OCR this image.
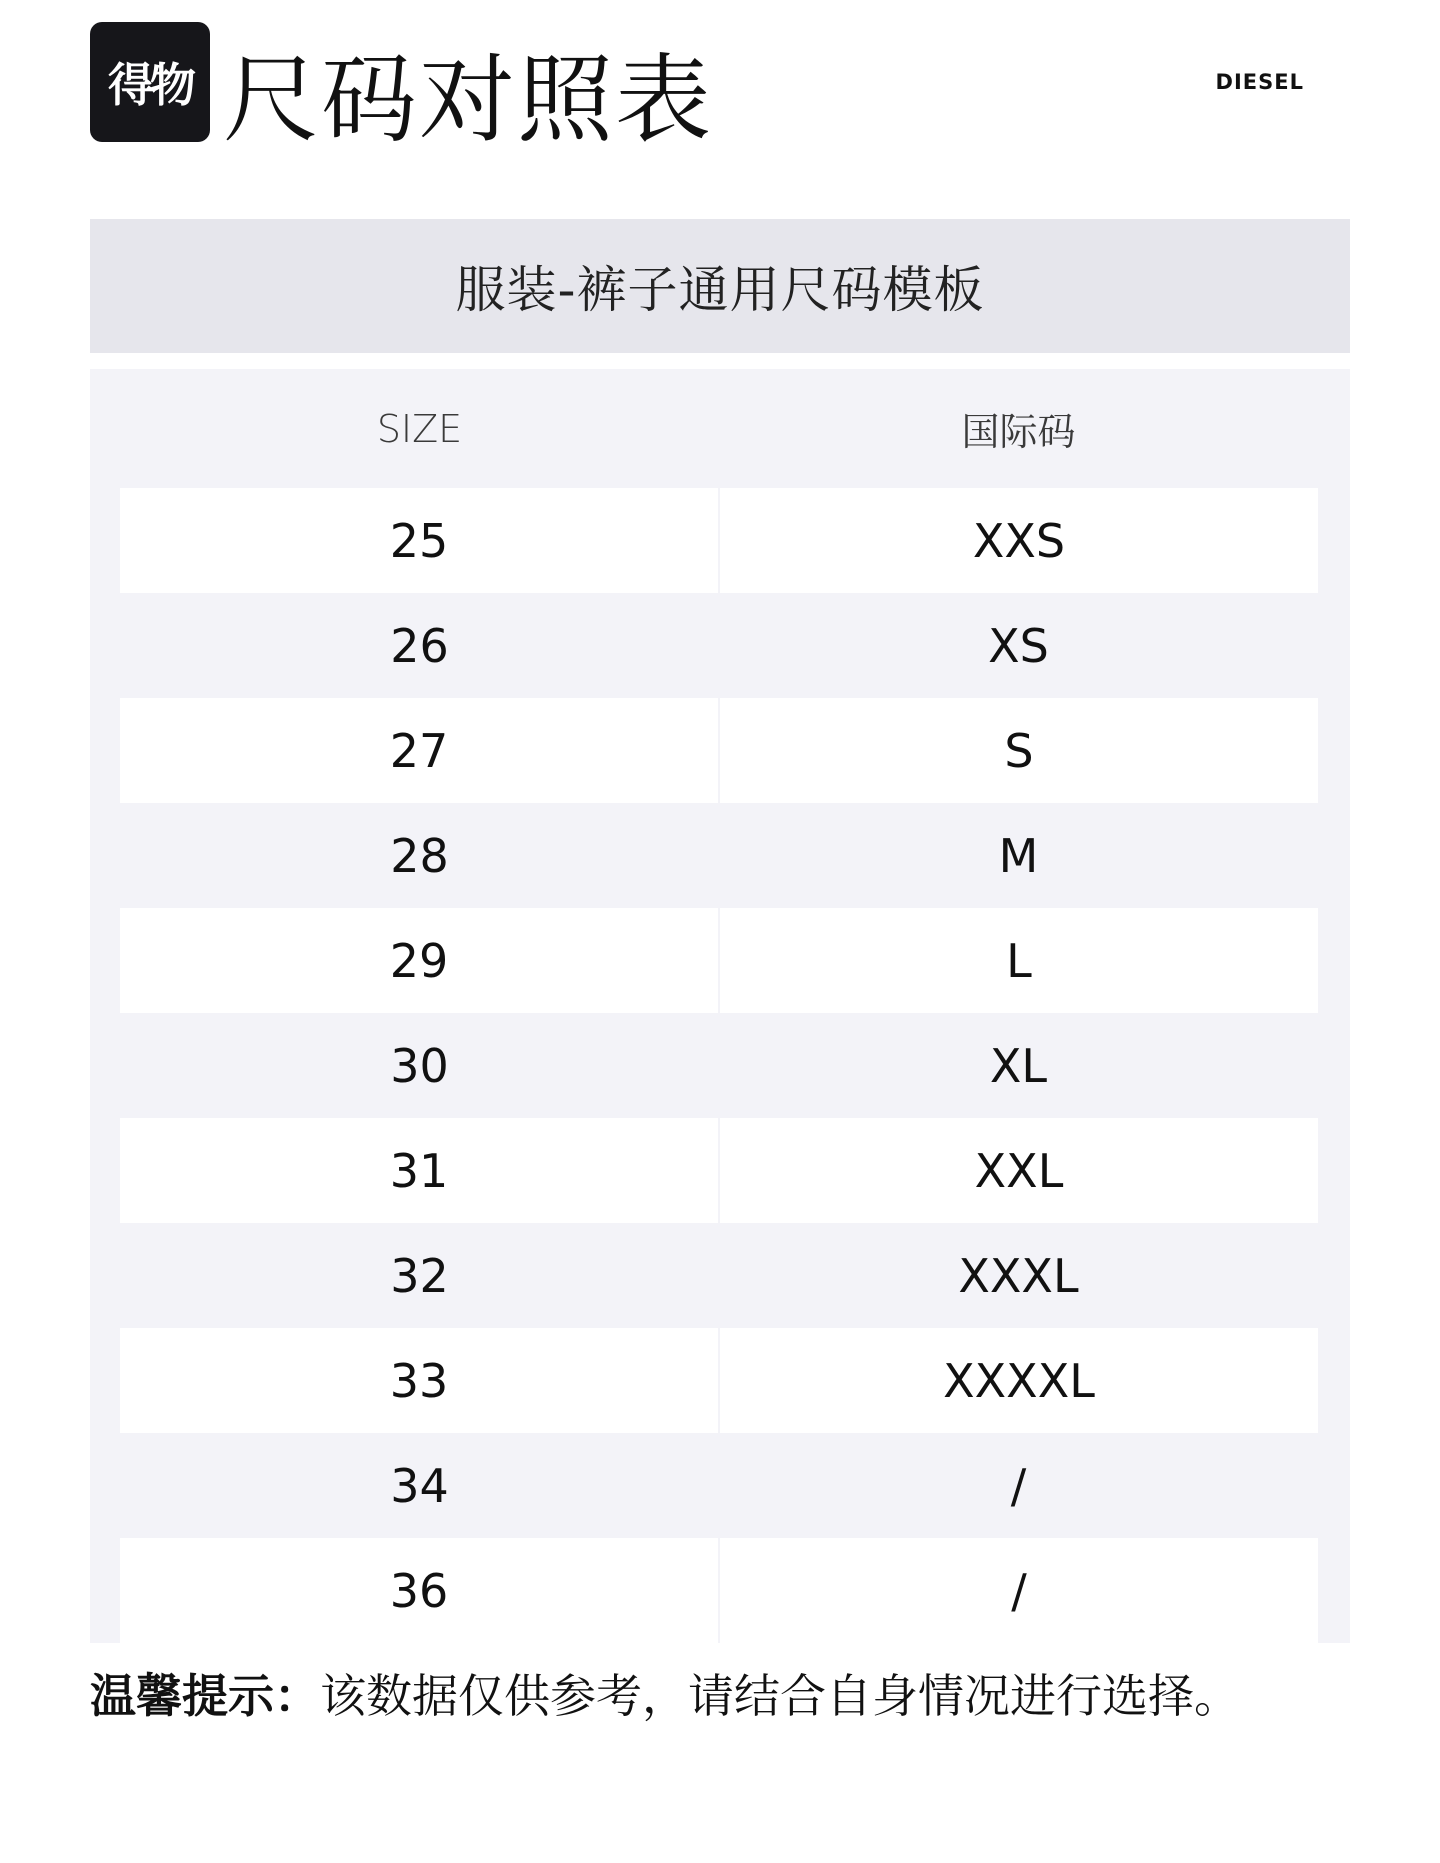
得物 尺码对照表	DIESEL
服装-裤子通用尺码模板
SIZE	国际码
25	XXS
26	XS
27	S
28	M
29	L
30	XL
31	XXL
32	XXXL
33	XXXXL
34	/
36	/
温馨提示：该数据仅供参考，请结合自身情况进行选择。
